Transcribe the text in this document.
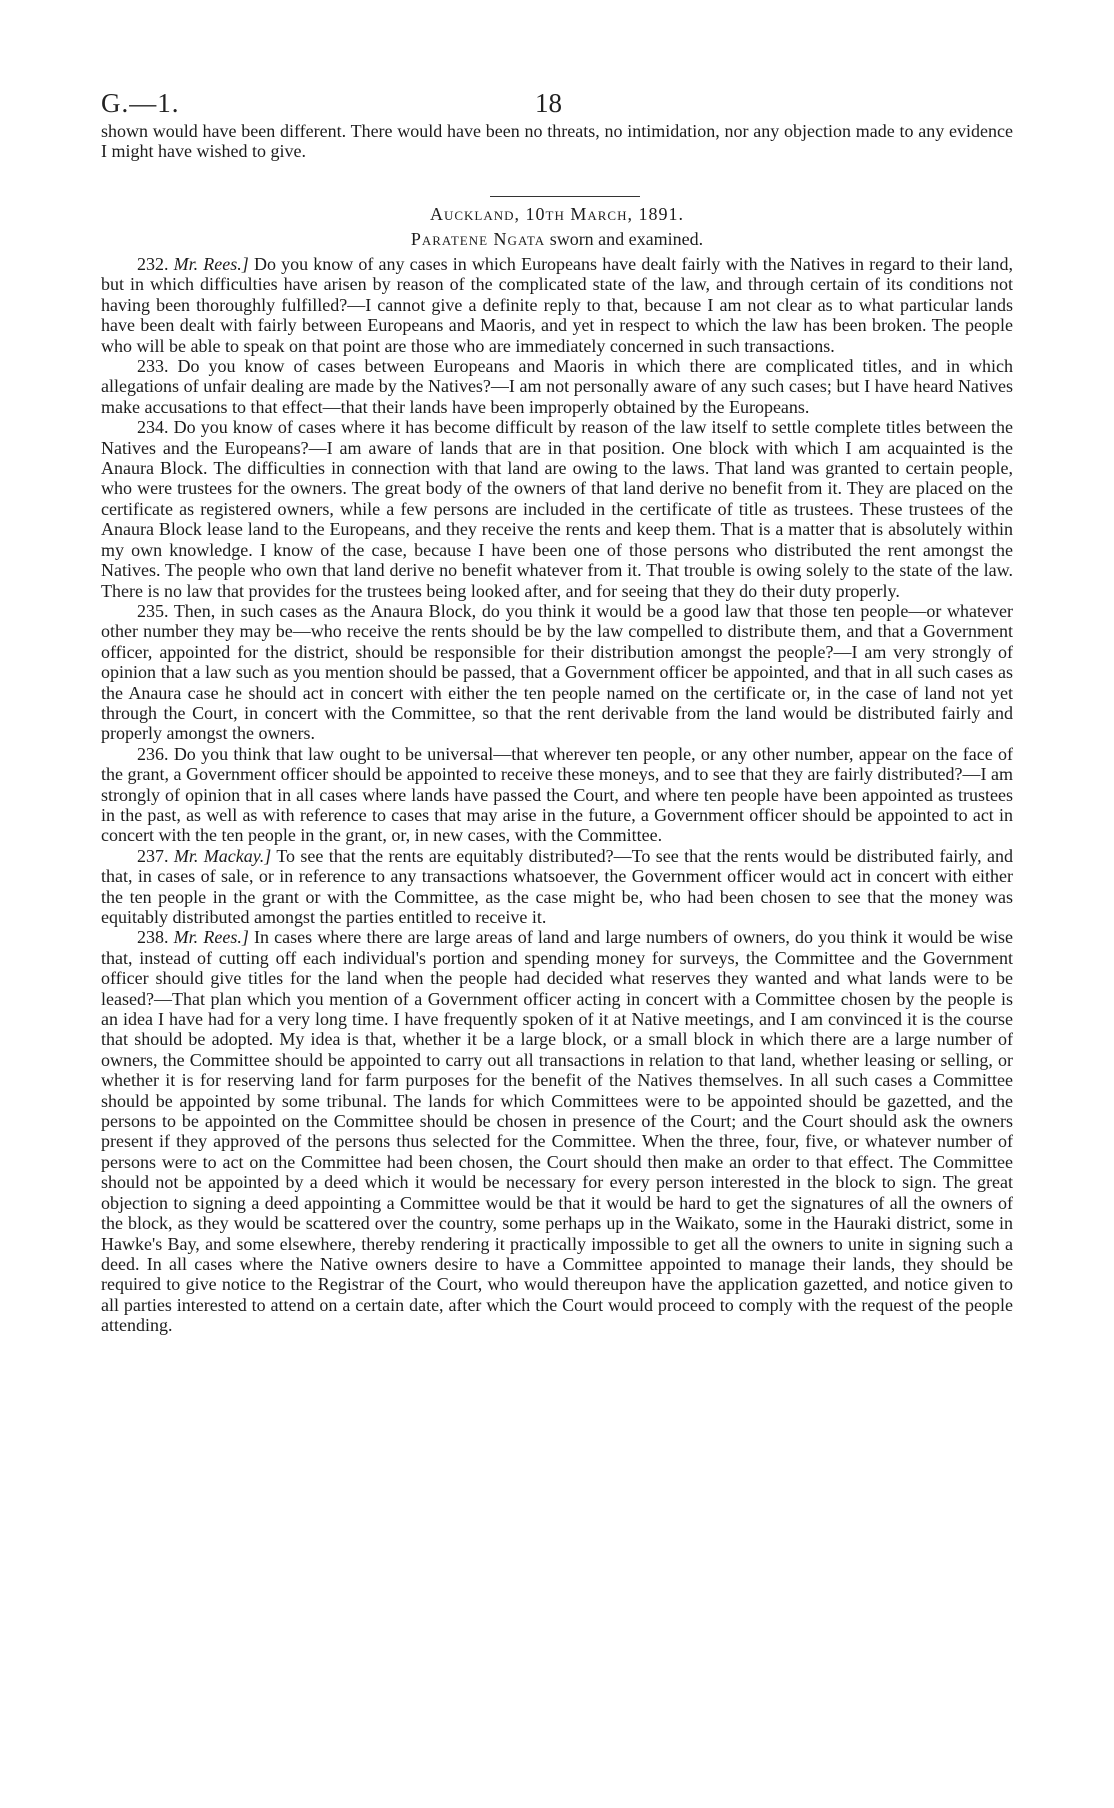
G.—1.	18

shown would have been different. There would have been no threats, no intimidation, nor any objection made to any evidence I might have wished to give.

Auckland, 10th March, 1891.
Paratene Ngata sworn and examined.

232. Mr. Rees.] Do you know of any cases in which Europeans have dealt fairly with the Natives in regard to their land, but in which difficulties have arisen by reason of the complicated state of the law, and through certain of its conditions not having been thoroughly fulfilled?—I cannot give a definite reply to that, because I am not clear as to what particular lands have been dealt with fairly between Europeans and Maoris, and yet in respect to which the law has been broken. The people who will be able to speak on that point are those who are immediately concerned in such transactions.

233. Do you know of cases between Europeans and Maoris in which there are complicated titles, and in which allegations of unfair dealing are made by the Natives?—I am not personally aware of any such cases; but I have heard Natives make accusations to that effect—that their lands have been improperly obtained by the Europeans.

234. Do you know of cases where it has become difficult by reason of the law itself to settle complete titles between the Natives and the Europeans?—I am aware of lands that are in that position. One block with which I am acquainted is the Anaura Block. The difficulties in connection with that land are owing to the laws. That land was granted to certain people, who were trustees for the owners. The great body of the owners of that land derive no benefit from it. They are placed on the certificate as registered owners, while a few persons are included in the certificate of title as trustees. These trustees of the Anaura Block lease land to the Europeans, and they receive the rents and keep them. That is a matter that is absolutely within my own knowledge. I know of the case, because I have been one of those persons who distributed the rent amongst the Natives. The people who own that land derive no benefit whatever from it. That trouble is owing solely to the state of the law. There is no law that provides for the trustees being looked after, and for seeing that they do their duty properly.

235. Then, in such cases as the Anaura Block, do you think it would be a good law that those ten people—or whatever other number they may be—who receive the rents should be by the law compelled to distribute them, and that a Government officer, appointed for the district, should be responsible for their distribution amongst the people?—I am very strongly of opinion that a law such as you mention should be passed, that a Government officer be appointed, and that in all such cases as the Anaura case he should act in concert with either the ten people named on the certificate or, in the case of land not yet through the Court, in concert with the Committee, so that the rent derivable from the land would be distributed fairly and properly amongst the owners.

236. Do you think that law ought to be universal—that wherever ten people, or any other number, appear on the face of the grant, a Government officer should be appointed to receive these moneys, and to see that they are fairly distributed?—I am strongly of opinion that in all cases where lands have passed the Court, and where ten people have been appointed as trustees in the past, as well as with reference to cases that may arise in the future, a Government officer should be appointed to act in concert with the ten people in the grant, or, in new cases, with the Committee.

237. Mr. Mackay.] To see that the rents are equitably distributed?—To see that the rents would be distributed fairly, and that, in cases of sale, or in reference to any transactions whatsoever, the Government officer would act in concert with either the ten people in the grant or with the Committee, as the case might be, who had been chosen to see that the money was equitably distributed amongst the parties entitled to receive it.

238. Mr. Rees.] In cases where there are large areas of land and large numbers of owners, do you think it would be wise that, instead of cutting off each individual's portion and spending money for surveys, the Committee and the Government officer should give titles for the land when the people had decided what reserves they wanted and what lands were to be leased?—That plan which you mention of a Government officer acting in concert with a Committee chosen by the people is an idea I have had for a very long time. I have frequently spoken of it at Native meetings, and I am convinced it is the course that should be adopted. My idea is that, whether it be a large block, or a small block in which there are a large number of owners, the Committee should be appointed to carry out all transactions in relation to that land, whether leasing or selling, or whether it is for reserving land for farm purposes for the benefit of the Natives themselves. In all such cases a Committee should be appointed by some tribunal. The lands for which Committees were to be appointed should be gazetted, and the persons to be appointed on the Committee should be chosen in presence of the Court; and the Court should ask the owners present if they approved of the persons thus selected for the Committee. When the three, four, five, or whatever number of persons were to act on the Committee had been chosen, the Court should then make an order to that effect. The Committee should not be appointed by a deed which it would be necessary for every person interested in the block to sign. The great objection to signing a deed appointing a Committee would be that it would be hard to get the signatures of all the owners of the block, as they would be scattered over the country, some perhaps up in the Waikato, some in the Hauraki district, some in Hawke's Bay, and some elsewhere, thereby rendering it practically impossible to get all the owners to unite in signing such a deed. In all cases where the Native owners desire to have a Committee appointed to manage their lands, they should be required to give notice to the Registrar of the Court, who would thereupon have the application gazetted, and notice given to all parties interested to attend on a certain date, after which the Court would proceed to comply with the request of the people attending.
